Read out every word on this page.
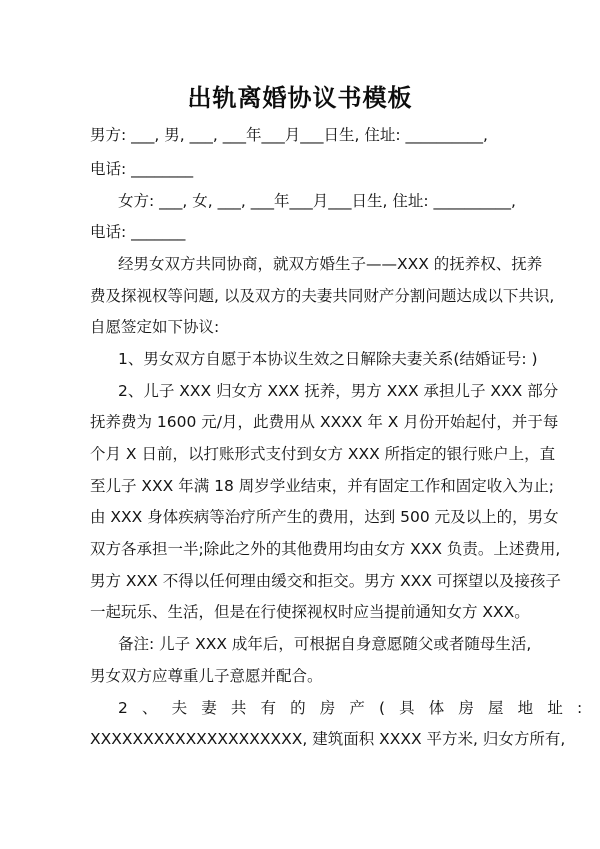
出轨离婚协议书模板
男方: ___, 男, ___, ___年___月___日生, 住址: __________,
电话: ________
女方: ___, 女, ___, ___年___月___日生, 住址: __________,
电话: _______
经男女双方共同协商，就双方婚生子——XXX 的抚养权、抚养
费及探视权等问题, 以及双方的夫妻共同财产分割问题达成以下共识,
自愿签定如下协议:
1、男女双方自愿于本协议生效之日解除夫妻关系(结婚证号: )
2、儿子 XXX 归女方 XXX 抚养，男方 XXX 承担儿子 XXX 部分
抚养费为 1600 元/月，此费用从 XXXX 年 X 月份开始起付，并于每
个月 X 日前，以打账形式支付到女方 XXX 所指定的银行账户上，直
至儿子 XXX 年满 18 周岁学业结束，并有固定工作和固定收入为止;
由 XXX 身体疾病等治疗所产生的费用，达到 500 元及以上的，男女
双方各承担一半;除此之外的其他费用均由女方 XXX 负责。上述费用,
男方 XXX 不得以任何理由缓交和拒交。男方 XXX 可探望以及接孩子
一起玩乐、生活，但是在行使探视权时应当提前通知女方 XXX。
备注: 儿子 XXX 成年后，可根据自身意愿随父或者随母生活,
男女双方应尊重儿子意愿并配合。
2 、 夫 妻 共 有 的 房 产 ( 具 体 房 屋 地 址 :
XXXXXXXXXXXXXXXXXXXX, 建筑面积 XXXX 平方米, 归女方所有,
